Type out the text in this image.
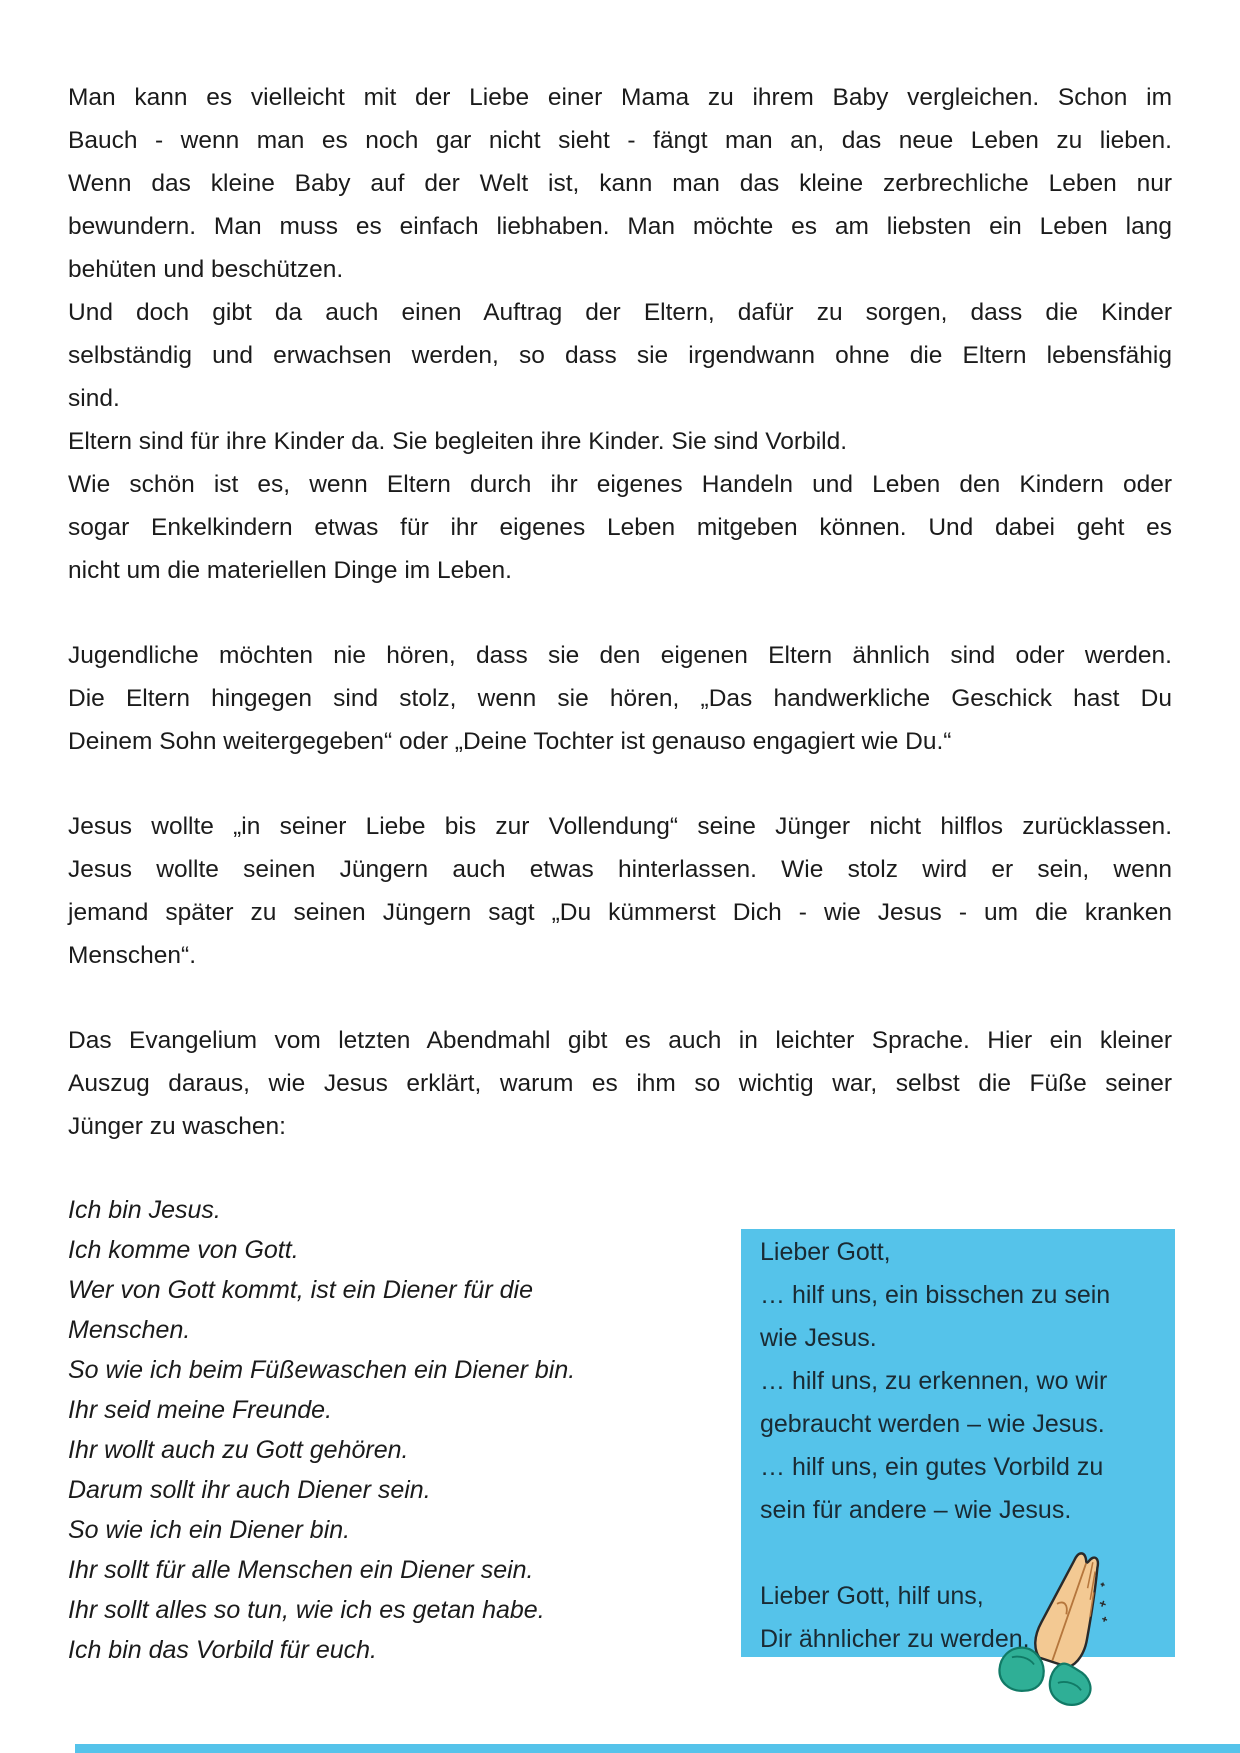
Man kann es vielleicht mit der Liebe einer Mama zu ihrem Baby vergleichen. Schon im
Bauch - wenn man es noch gar nicht sieht - fängt man an, das neue Leben zu lieben.
Wenn das kleine Baby auf der Welt ist, kann man das kleine zerbrechliche Leben nur
bewundern. Man muss es einfach liebhaben. Man möchte es am liebsten ein Leben lang
behüten und beschützen.
Und doch gibt da auch einen Auftrag der Eltern, dafür zu sorgen, dass die Kinder
selbständig und erwachsen werden, so dass sie irgendwann ohne die Eltern lebensfähig
sind.
Eltern sind für ihre Kinder da. Sie begleiten ihre Kinder. Sie sind Vorbild.
Wie schön ist es, wenn Eltern durch ihr eigenes Handeln und Leben den Kindern oder
sogar Enkelkindern etwas für ihr eigenes Leben mitgeben können. Und dabei geht es
nicht um die materiellen Dinge im Leben.
Jugendliche möchten nie hören, dass sie den eigenen Eltern ähnlich sind oder werden.
Die Eltern hingegen sind stolz, wenn sie hören, „Das handwerkliche Geschick hast Du
Deinem Sohn weitergegeben“ oder „Deine Tochter ist genauso engagiert wie Du.“
Jesus wollte „in seiner Liebe bis zur Vollendung“ seine Jünger nicht hilflos zurücklassen.
Jesus wollte seinen Jüngern auch etwas hinterlassen. Wie stolz wird er sein, wenn
jemand später zu seinen Jüngern sagt „Du kümmerst Dich - wie Jesus - um die kranken
Menschen“.
Das Evangelium vom letzten Abendmahl gibt es auch in leichter Sprache. Hier ein kleiner
Auszug daraus, wie Jesus erklärt, warum es ihm so wichtig war, selbst die Füße seiner
Jünger zu waschen:
Ich bin Jesus.
Ich komme von Gott.
Wer von Gott kommt, ist ein Diener für die
Menschen.
So wie ich beim Füßewaschen ein Diener bin.
Ihr seid meine Freunde.
Ihr wollt auch zu Gott gehören.
Darum sollt ihr auch Diener sein.
So wie ich ein Diener bin.
Ihr sollt für alle Menschen ein Diener sein.
Ihr sollt alles so tun, wie ich es getan habe.
Ich bin das Vorbild für euch.
Lieber Gott,
… hilf uns, ein bisschen zu sein
wie Jesus.
… hilf uns, zu erkennen, wo wir
gebraucht werden – wie Jesus.
… hilf uns, ein gutes Vorbild zu
sein für andere – wie Jesus.

Lieber Gott, hilf uns,
Dir ähnlicher zu werden.
